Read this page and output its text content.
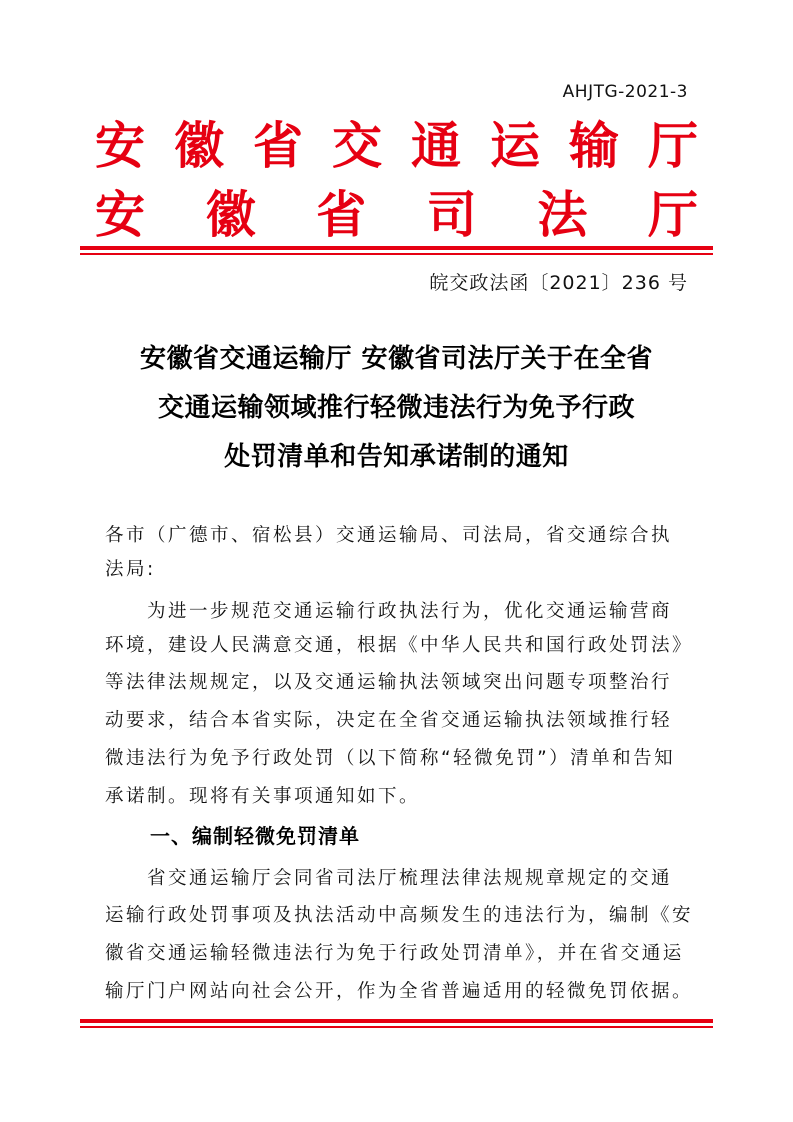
AHJTG-2021-3
安 徽 省 交 通 运 输 厅
安 徽 省 司 法 厅
皖交政法函〔2021〕236 号
安徽省交通运输厅 安徽省司法厅关于在全省
交通运输领域推行轻微违法行为免予行政
处罚清单和告知承诺制的通知
各市（广德市、宿松县）交通运输局、司法局，省交通综合执
法局:
　　为进一步规范交通运输行政执法行为，优化交通运输营商
环境，建设人民满意交通，根据《中华人民共和国行政处罚法》
等法律法规规定，以及交通运输执法领域突出问题专项整治行
动要求，结合本省实际，决定在全省交通运输执法领域推行轻
微违法行为免予行政处罚（以下简称“轻微免罚”）清单和告知
承诺制。现将有关事项通知如下。
一、编制轻微免罚清单
　　省交通运输厅会同省司法厅梳理法律法规规章规定的交通
运输行政处罚事项及执法活动中高频发生的违法行为，编制《安
徽省交通运输轻微违法行为免于行政处罚清单》，并在省交通运
输厅门户网站向社会公开，作为全省普遍适用的轻微免罚依据。
